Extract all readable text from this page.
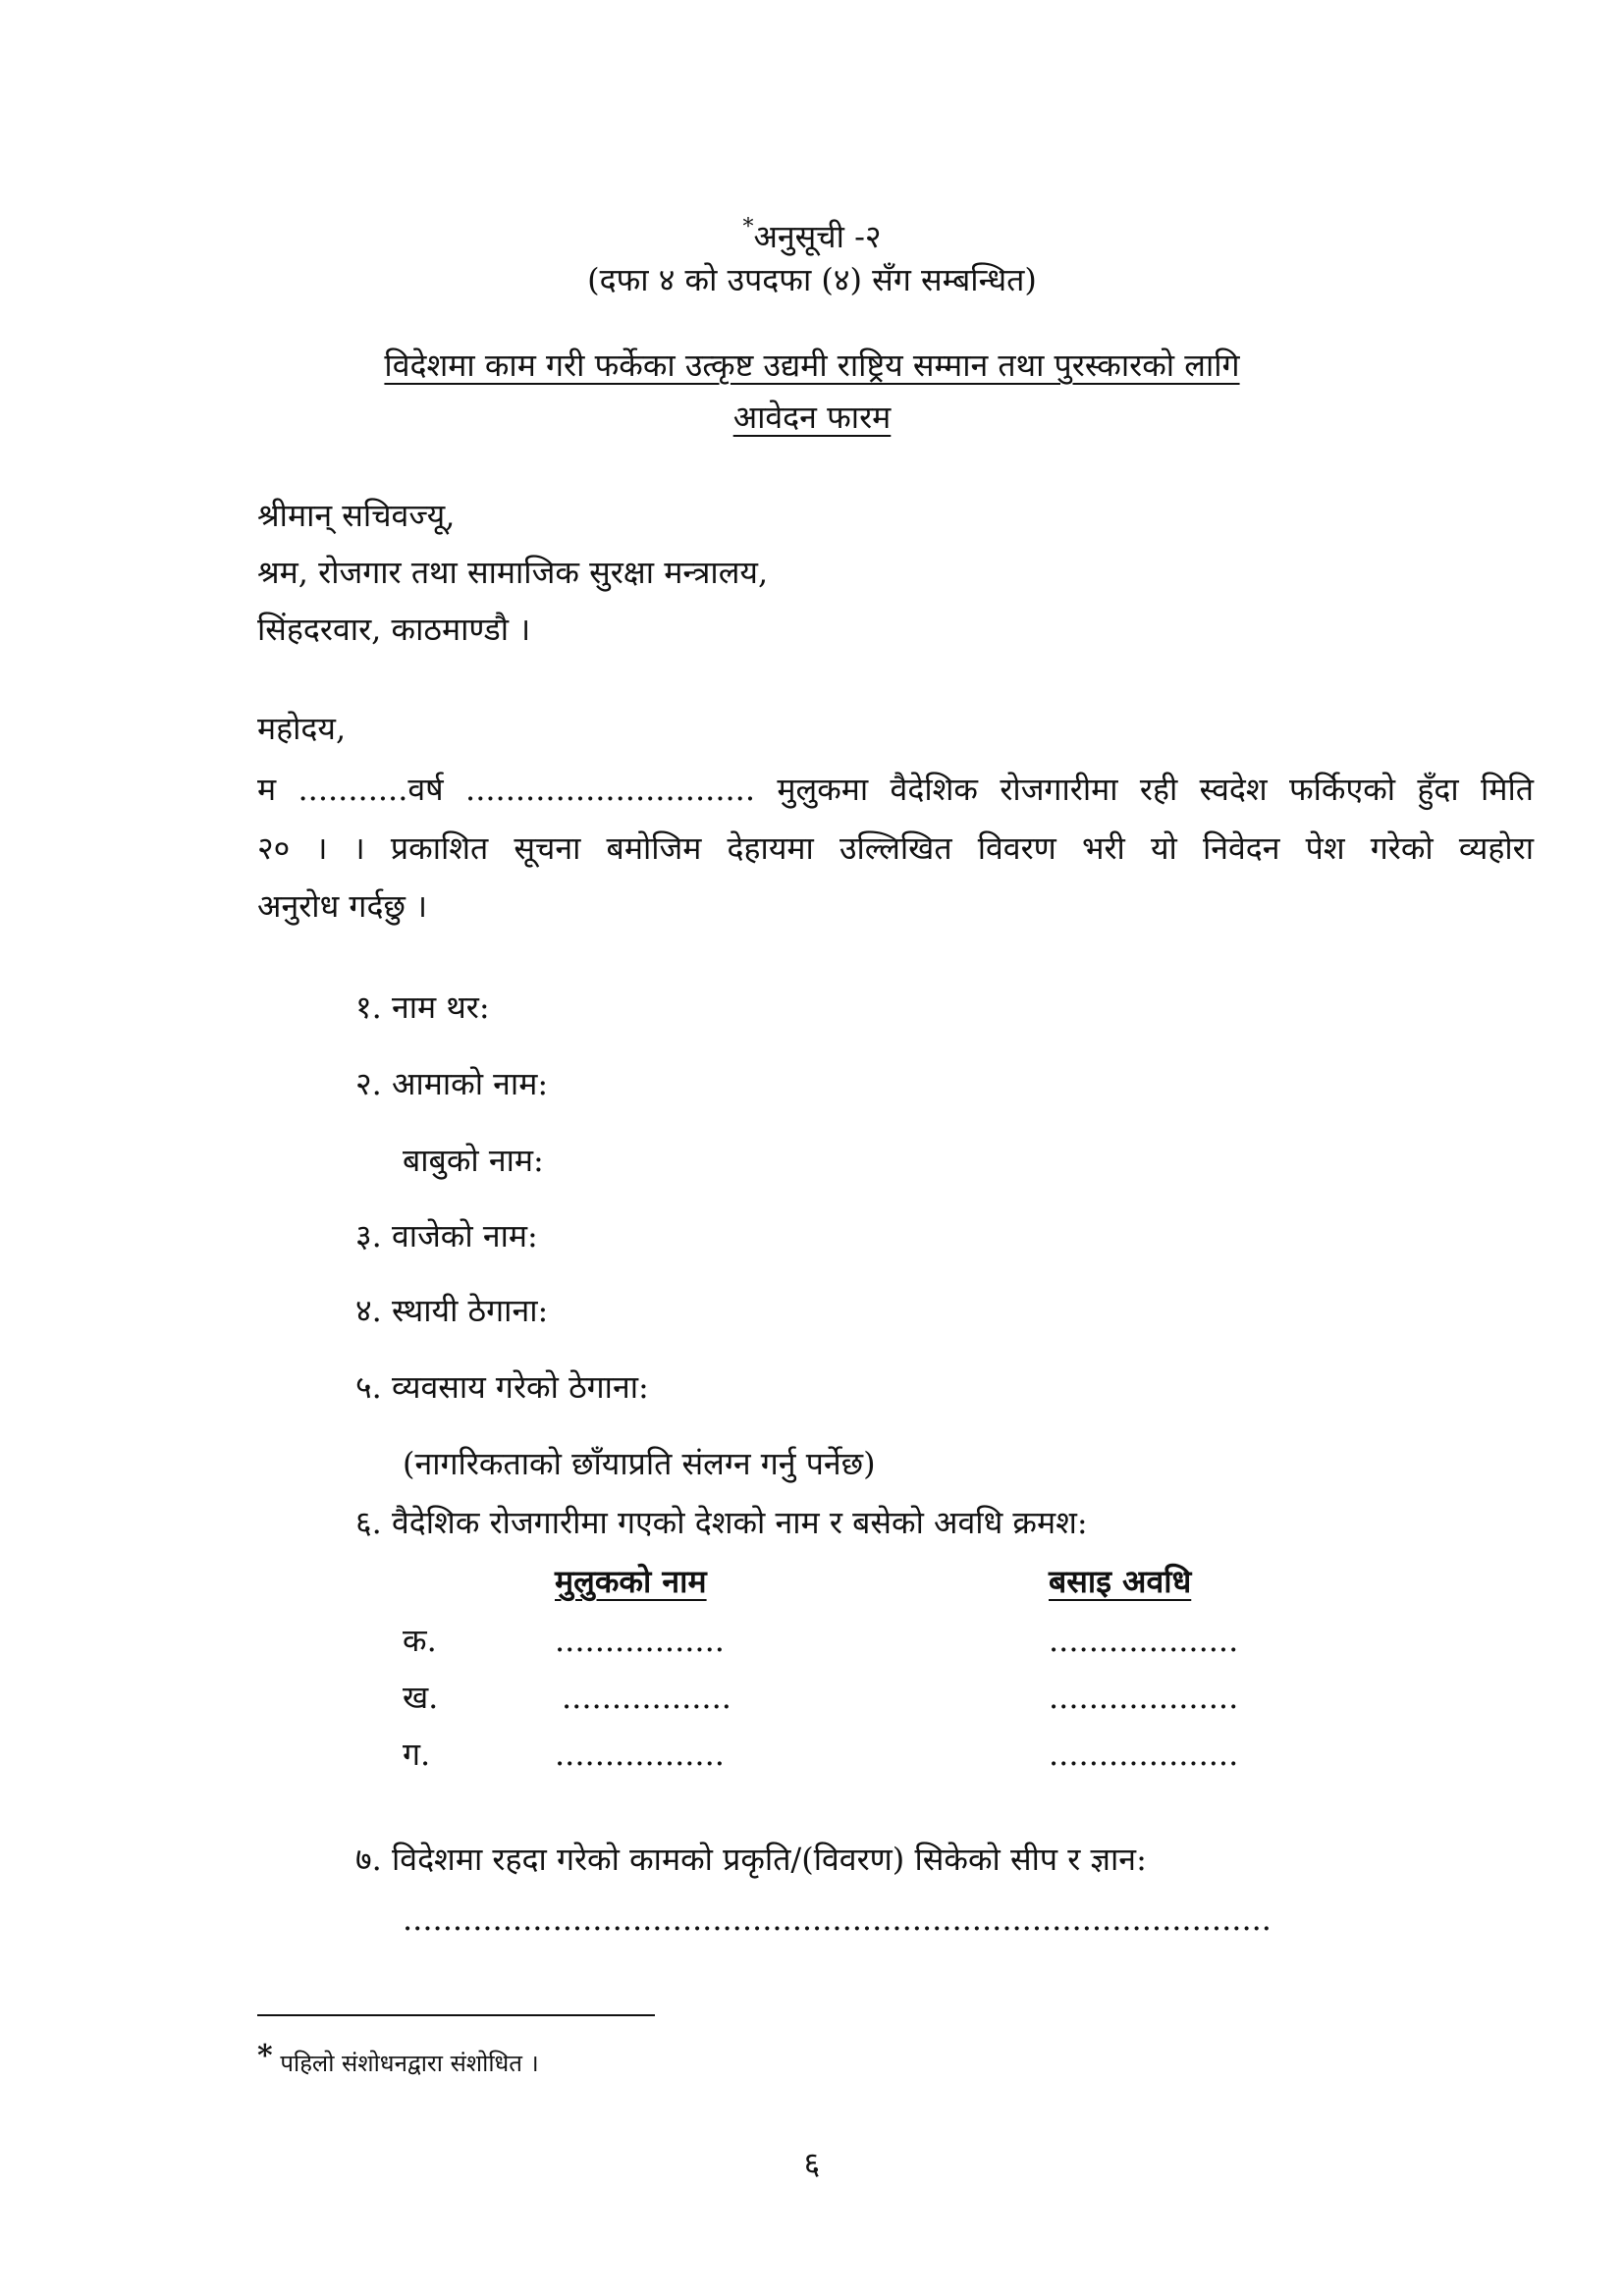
*अनुसूची -२
(दफा ४ को उपदफा (४) सँग सम्बन्धित)
विदेशमा काम गरी फर्केका उत्कृष्ट उद्यमी राष्ट्रिय सम्मान तथा पुरस्कारको लागि
आवेदन फारम
श्रीमान् सचिवज्यू,
श्रम, रोजगार तथा सामाजिक सुरक्षा मन्त्रालय,
सिंहदरवार, काठमाण्डौ ।
महोदय,
म ...........वर्ष ............................. मुलुकमा वैदेशिक रोजगारीमा रही स्वदेश फर्किएको हुँदा मिति
२० । । प्रकाशित सूचना बमोजिम देहायमा उल्लिखित विवरण भरी यो निवेदन पेश गरेको व्यहोरा
अनुरोध गर्दछु ।
१. नाम थर:
२. आमाको नाम:
बाबुको नाम:
३. वाजेको नाम:
४. स्थायी ठेगाना:
५. व्यवसाय गरेको ठेगाना:
(नागरिकताको छाँयाप्रति संलग्न गर्नु पर्नेछ)
६. वैदेशिक रोजगारीमा गएको देशको नाम र बसेको अवधि क्रमश:
मुलुकको नाम	बसाइ अवधि
क.	.................	...................
ख.	.................	...................
ग.	.................	...................
७. विदेशमा रहदा गरेको कामको प्रकृति/(विवरण) सिकेको सीप र ज्ञान:
.......................................................................................
* पहिलो संशोधनद्वारा संशोधित ।
६
